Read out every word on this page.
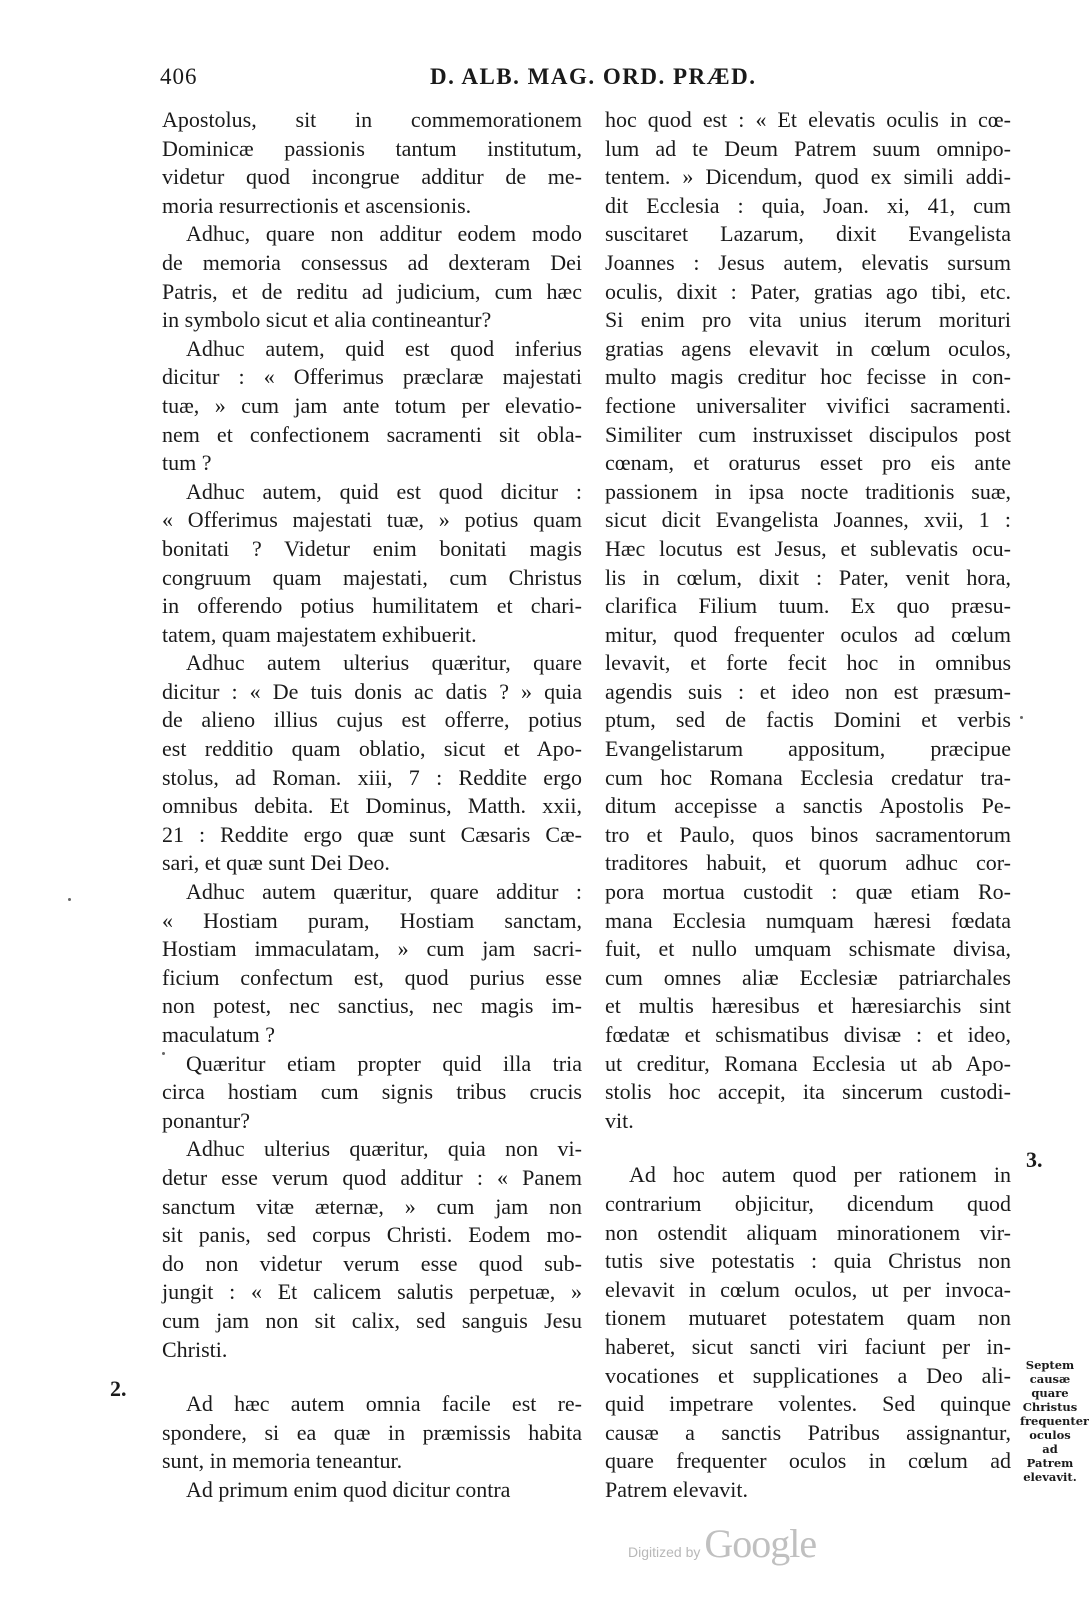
406	D. ALB. MAG. ORD. PRÆD.
Apostolus, sit in commemorationem
Dominicæ passionis tantum institutum,
videtur quod incongrue additur de me-
moria resurrectionis et ascensionis.
Adhuc, quare non additur eodem modo
de memoria consessus ad dexteram Dei
Patris, et de reditu ad judicium, cum hæc
in symbolo sicut et alia contineantur?
Adhuc autem, quid est quod inferius
dicitur : « Offerimus præclaræ majestati
tuæ, » cum jam ante totum per elevatio-
nem et confectionem sacramenti sit obla-
tum ?
Adhuc autem, quid est quod dicitur :
« Offerimus majestati tuæ, » potius quam
bonitati ? Videtur enim bonitati magis
congruum quam majestati, cum Christus
in offerendo potius humilitatem et chari-
tatem, quam majestatem exhibuerit.
Adhuc autem ulterius quæritur, quare
dicitur : « De tuis donis ac datis ? » quia
de alieno illius cujus est offerre, potius
est redditio quam oblatio, sicut et Apo-
stolus, ad Roman. xiii, 7 : Reddite ergo
omnibus debita. Et Dominus, Matth. xxii,
21 : Reddite ergo quæ sunt Cæsaris Cæ-
sari, et quæ sunt Dei Deo.
Adhuc autem quæritur, quare additur :
« Hostiam puram, Hostiam sanctam,
Hostiam immaculatam, » cum jam sacri-
ficium confectum est, quod purius esse
non potest, nec sanctius, nec magis im-
maculatum ?
Quæritur etiam propter quid illa tria
circa hostiam cum signis tribus crucis
ponantur?
Adhuc ulterius quæritur, quia non vi-
detur esse verum quod additur : « Panem
sanctum vitæ æternæ, » cum jam non
sit panis, sed corpus Christi. Eodem mo-
do non videtur verum esse quod sub-
jungit : « Et calicem salutis perpetuæ, »
cum jam non sit calix, sed sanguis Jesu
Christi.
Ad hæc autem omnia facile est re-
spondere, si ea quæ in præmissis habita
sunt, in memoria teneantur.
Ad primum enim quod dicitur contra
hoc quod est : « Et elevatis oculis in cœ-
lum ad te Deum Patrem suum omnipo-
tentem. » Dicendum, quod ex simili addi-
dit Ecclesia : quia, Joan. xi, 41, cum
suscitaret Lazarum, dixit Evangelista
Joannes : Jesus autem, elevatis sursum
oculis, dixit : Pater, gratias ago tibi, etc.
Si enim pro vita unius iterum morituri
gratias agens elevavit in cœlum oculos,
multo magis creditur hoc fecisse in con-
fectione universaliter vivifici sacramenti.
Similiter cum instruxisset discipulos post
cœnam, et oraturus esset pro eis ante
passionem in ipsa nocte traditionis suæ,
sicut dicit Evangelista Joannes, xvii, 1 :
Hæc locutus est Jesus, et sublevatis ocu-
lis in cœlum, dixit : Pater, venit hora,
clarifica Filium tuum. Ex quo præsu-
mitur, quod frequenter oculos ad cœlum
levavit, et forte fecit hoc in omnibus
agendis suis : et ideo non est præsum-
ptum, sed de factis Domini et verbis
Evangelistarum appositum, præcipue
cum hoc Romana Ecclesia credatur tra-
ditum accepisse a sanctis Apostolis Pe-
tro et Paulo, quos binos sacramentorum
traditores habuit, et quorum adhuc cor-
pora mortua custodit : quæ etiam Ro-
mana Ecclesia numquam hæresi fœdata
fuit, et nullo umquam schismate divisa,
cum omnes aliæ Ecclesiæ patriarchales
et multis hæresibus et hæresiarchis sint
fœdatæ et schismatibus divisæ : et ideo,
ut creditur, Romana Ecclesia ut ab Apo-
stolis hoc accepit, ita sincerum custodi-
vit.
Ad hoc autem quod per rationem in
contrarium objicitur, dicendum quod
non ostendit aliquam minorationem vir-
tutis sive potestatis : quia Christus non
elevavit in cœlum oculos, ut per invoca-
tionem mutuaret potestatem quam non
haberet, sicut sancti viri faciunt per in-
vocationes et supplicationes a Deo ali-
quid impetrare volentes. Sed quinque
causæ a sanctis Patribus assignantur,
quare frequenter oculos in cœlum ad
Patrem elevavit.
2.
3.
Septem
causæ
quare
Christus
frequenter
oculos ad
Patrem
elevavit.
Digitized by Google
